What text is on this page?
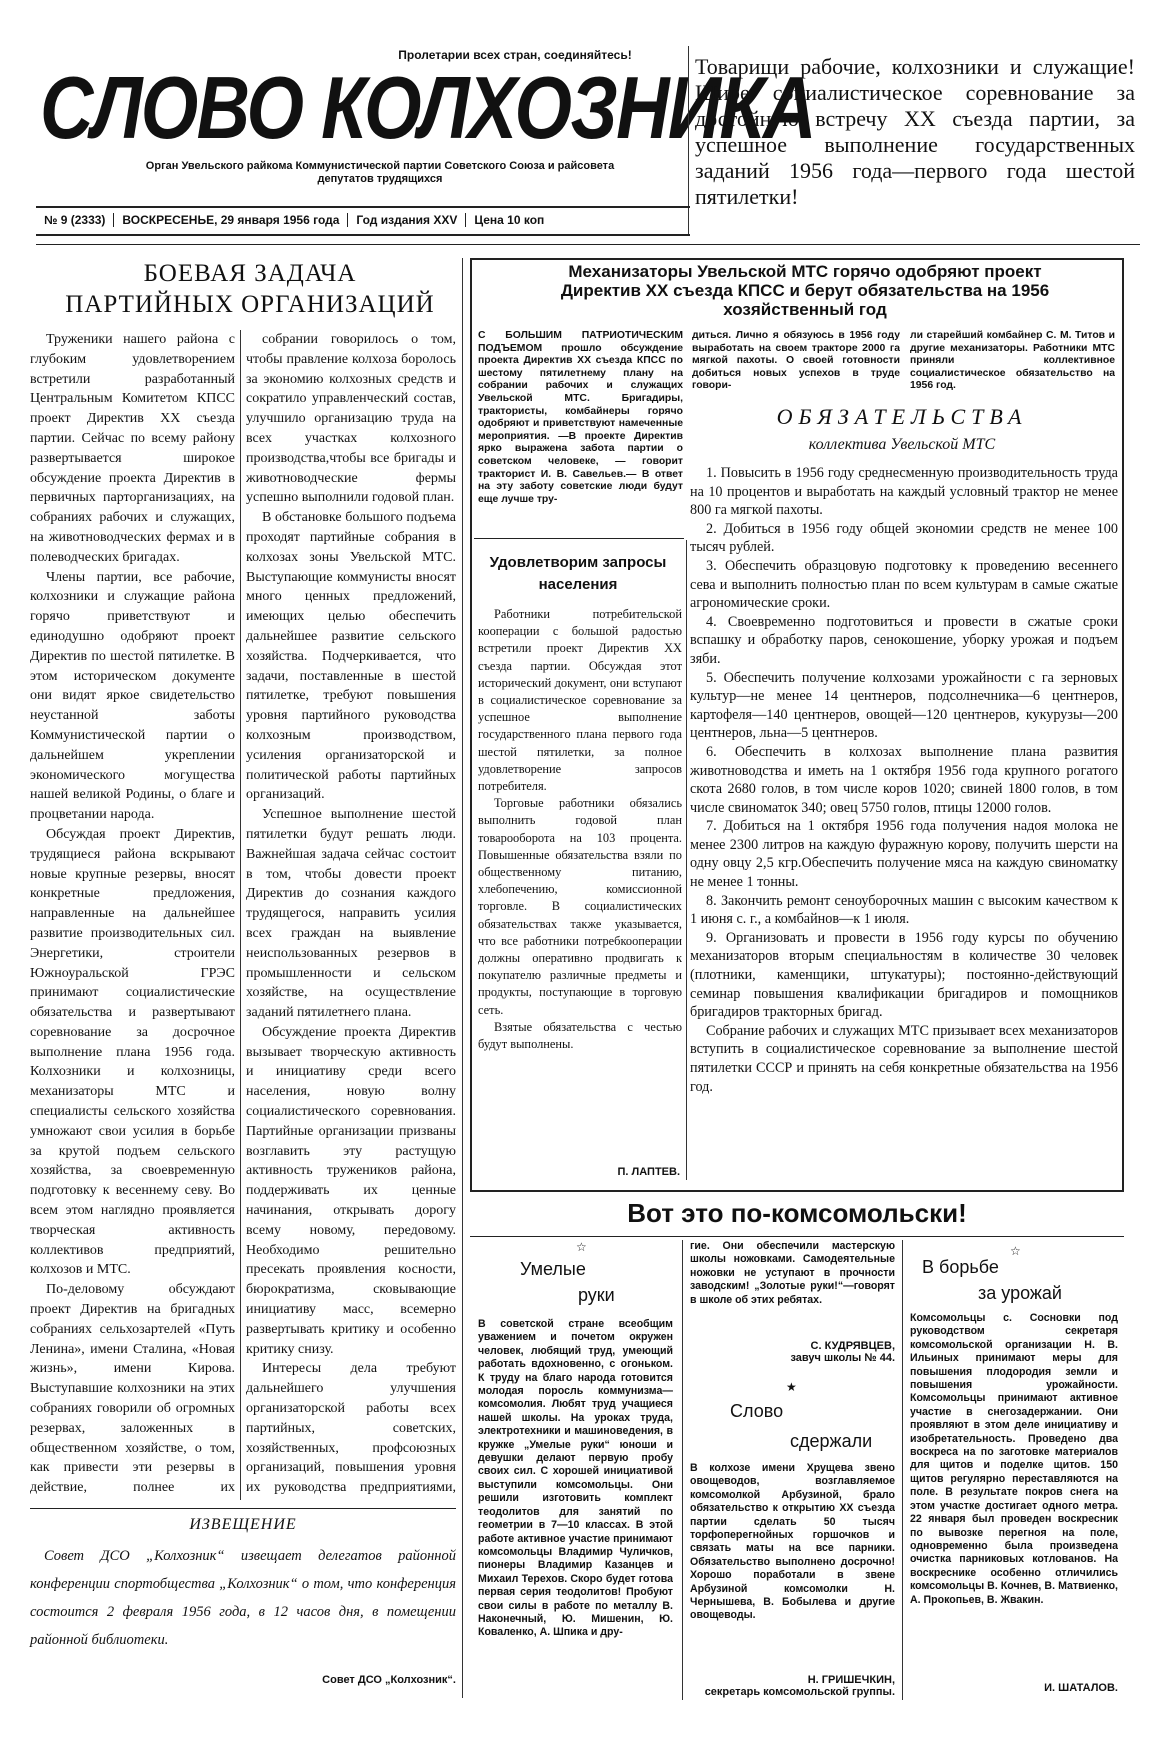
Пролетарии всех стран, соединяйтесь!
СЛОВО КОЛХОЗНИКА
Орган Увельского райкома Коммунистической партии Советского Союза и райсовета депутатов трудящихся
Товарищи рабочие, колхозники и служащие! Шире социалистическое соревнование за достойную встречу XX съезда партии, за успешное выполнение государственных заданий 1956 года—первого года шестой пятилетки!
№ 9 (2333)	ВОСКРЕСЕНЬЕ, 29 января 1956 года	Год издания XXV	Цена 10 коп
БОЕВАЯ ЗАДАЧА
ПАРТИЙНЫХ ОРГАНИЗАЦИЙ

Труженики нашего района с глубоким удовлетворением встретили разработанный Центральным Комитетом КПСС проект Директив XX съезда партии. Сейчас по всему району развертывается широкое обсуждение проекта Директив в первичных парторганизациях, на собраниях рабочих и служащих, на животноводческих фермах и в полеводческих бригадах.

Члены партии, все рабочие, колхозники и служащие района горячо приветствуют и единодушно одобряют проект Директив по шестой пятилетке. В этом историческом документе они видят яркое свидетельство неустанной заботы Коммунистической партии о дальнейшем укреплении экономического могущества нашей великой Родины, о благе и процветании народа.

Обсуждая проект Директив, трудящиеся района вскрывают новые крупные резервы, вносят конкретные предложения, направленные на дальнейшее развитие производительных сил. Энергетики, строители Южноуральской ГРЭС принимают социалистические обязательства и развертывают соревнование за досрочное выполнение плана 1956 года. Колхозники и колхозницы, механизаторы МТС и специалисты сельского хозяйства умножают свои усилия в борьбе за крутой подъем сельского хозяйства, за своевременную подготовку к весеннему севу. Во всем этом наглядно проявляется творческая активность коллективов предприятий, колхозов и МТС.

По-деловому обсуждают проект Директив на бригадных собраниях сельхозартелей «Путь Ленина», имени Сталина, «Новая жизнь», имени Кирова. Выступавшие колхозники на этих собраниях говорили об огромных резервах, заложенных в общественном хозяйстве, о том, как привести эти резервы в действие, полнее их

собрании говорилось о том, чтобы правление колхоза боролось за экономию колхозных средств и сократило управленческий состав, улучшило организацию труда на всех участках колхозного производства,чтобы все бригады и животноводческие фермы успешно выполнили годовой план.

В обстановке большого подъема проходят партийные собрания в колхозах зоны Увельской МТС. Выступающие коммунисты вносят много ценных предложений, имеющих целью обеспечить дальнейшее развитие сельского хозяйства. Подчеркивается, что задачи, поставленные в шестой пятилетке, требуют повышения уровня партийного руководства колхозным производством, усиления организаторской и политической работы партийных организаций.

Успешное выполнение шестой пятилетки будут решать люди. Важнейшая задача сейчас состоит в том, чтобы довести проект Директив до сознания каждого трудящегося, направить усилия всех граждан на выявление неиспользованных резервов в промышленности и сельском хозяйстве, на осуществление заданий пятилетнего плана.

Обсуждение проекта Директив вызывает творческую активность и инициативу среди всего населения, новую волну социалистического соревнования. Партийные организации призваны возглавить эту растущую активность тружеников района, поддерживать их ценные начинания, открывать дорогу всему новому, передовому. Необходимо решительно пресекать проявления косности, бюрократизма, сковывающие инициативу масс, всемерно развертывать критику и особенно критику снизу.

Интересы дела требуют дальнейшего улучшения организаторской работы всех партийных, советских, хозяйственных, профсоюзных организаций, повышения уровня их руководства предприятиями,

ИЗВЕЩЕНИЕ
Совет ДСО „Колхозник“ извещает делегатов районной конференции спортобщества „Колхозник“ о том, что конференция состоится 2 февраля 1956 года, в 12 часов дня, в помещении районной библиотеки.
Совет ДСО „Колхозник“.
Механизаторы Увельской МТС горячо одобряют проект Директив XX съезда КПСС и берут обязательства на 1956 хозяйственный год
С БОЛЬШИМ ПАТРИОТИЧЕСКИМ ПОДЪЕМОМ прошло обсуждение проекта Директив XX съезда КПСС по шестому пятилетнему плану на собрании рабочих и служащих Увельской МТС. Бригадиры, трактористы, комбайнеры горячо одобряют и приветствуют намеченные мероприятия. —В проекте Директив ярко выражена забота партии о советском человеке, — говорит тракторист И. В. Савельев.— В ответ на эту заботу советские люди будут еще лучше тру-
диться. Лично я обязуюсь в 1956 году выработать на своем тракторе 2000 га мягкой пахоты. О своей готовности добиться новых успехов в труде говори-
ли старейший комбайнер С. М. Титов и другие механизаторы. Работники МТС приняли коллективное социалистическое обязательство на 1956 год.
ОБЯЗАТЕЛЬСТВА
коллектива Увельской МТС

1. Повысить в 1956 году среднесменную производительность труда на 10 процентов и выработать на каждый условный трактор не менее 800 га мягкой пахоты.

2. Добиться в 1956 году общей экономии средств не менее 100 тысяч рублей.

3. Обеспечить образцовую подготовку к проведению весеннего сева и выполнить полностью план по всем культурам в самые сжатые агрономические сроки.

4. Своевременно подготовиться и провести в сжатые сроки вспашку и обработку паров, сенокошение, уборку урожая и подъем зяби.

5. Обеспечить получение колхозами урожайности с га зерновых культур—не менее 14 центнеров, подсолнечника—6 центнеров, картофеля—140 центнеров, овощей—120 центнеров, кукурузы—200 центнеров, льна—5 центнеров.

6. Обеспечить в колхозах выполнение плана развития животноводства и иметь на 1 октября 1956 года крупного рогатого скота 2680 голов, в том числе коров 1020; свиней 1800 голов, в том числе свиноматок 340; овец 5750 голов, птицы 12000 голов.

7. Добиться на 1 октября 1956 года получения надоя молока не менее 2300 литров на каждую фуражную корову, получить шерсти на одну овцу 2,5 кгр.Обеспечить получение мяса на каждую свиноматку не менее 1 тонны.

8. Закончить ремонт сеноуборочных машин с высоким качеством к 1 июня с. г., а комбайнов—к 1 июля.

9. Организовать и провести в 1956 году курсы по обучению механизаторов вторым специальностям в количестве 30 человек (плотники, каменщики, штукатуры); постоянно-действующий семинар повышения квалификации бригадиров и помощников бригадиров тракторных бригад.

Собрание рабочих и служащих МТС призывает всех механизаторов вступить в социалистическое соревнование за выполнение шестой пятилетки СССР и принять на себя конкретные обязательства на 1956 год.

Удовлетворим запросы населения

Работники потребительской кооперации с большой радостью встретили проект Директив XX съезда партии. Обсуждая этот исторический документ, они вступают в социалистическое соревнование за успешное выполнение государственного плана первого года шестой пятилетки, за полное удовлетворение запросов потребителя.

Торговые работники обязались выполнить годовой план товарооборота на 103 процента. Повышенные обязательства взяли по общественному питанию, хлебопечению, комиссионной торговле. В социалистических обязательствах также указывается, что все работники потребкооперации должны оперативно продвигать к покупателю различные предметы и продукты, поступающие в торговую сеть.

Взятые обязательства с честью будут выполнены.

П. ЛАПТЕВ.
Вот это по-комсомольски!
☆
Умелые
руки
В советской стране всеобщим уважением и почетом окружен человек, любящий труд, умеющий работать вдохновенно, с огоньком. К труду на благо народа готовится молодая поросль коммунизма—комсомолия. Любят труд учащиеся нашей школы. На уроках труда, электротехники и машиноведения, в кружке „Умелые руки“ юноши и девушки делают первую пробу своих сил. С хорошей инициативой выступили комсомольцы. Они решили изготовить комплект теодолитов для занятий по геометрии в 7—10 классах. В этой работе активное участие принимают комсомольцы Владимир Чуличков, пионеры Владимир Казанцев и Михаил Терехов. Скоро будет готова первая серия теодолитов! Пробуют свои силы в работе по металлу В. Наконечный, Ю. Мишенин, Ю. Коваленко, А. Шпика и дру-
гие. Они обеспечили мастерскую школы ножовками. Самодеятельные ножовки не уступают в прочности заводским! „Золотые руки!“—говорят в школе об этих ребятах.
С. КУДРЯВЦЕВ,
завуч школы № 44.
★
Слово
сдержали
В колхозе имени Хрущева звено овощеводов, возглавляемое комсомолкой Арбузиной, брало обязательство к открытию XX съезда партии сделать 50 тысяч торфоперегнойных горшочков и связать маты на все парники. Обязательство выполнено досрочно! Хорошо поработали в звене Арбузиной комсомолки Н. Чернышева, В. Бобылева и другие овощеводы.
Н. ГРИШЕЧКИН,
секретарь комсомольской группы.
☆
В борьбе
за урожай
Комсомольцы с. Сосновки под руководством секретаря комсомольской организации Н. В. Ильиных принимают меры для повышения плодородия земли и повышения урожайности. Комсомольцы принимают активное участие в снегозадержании. Они проявляют в этом деле инициативу и изобретательность. Проведено два воскреса на по заготовке материалов для щитов и поделке щитов. 150 щитов регулярно переставляются на поле. В результате покров снега на этом участке достигает одного метра. 22 января был проведен воскресник по вывозке перегноя на поле, одновременно была произведена очистка парниковых котлованов. На воскреснике особенно отличились комсомольцы В. Кочнев, В. Матвиенко, А. Прокопьев, В. Жвакин.
И. ШАТАЛОВ.
